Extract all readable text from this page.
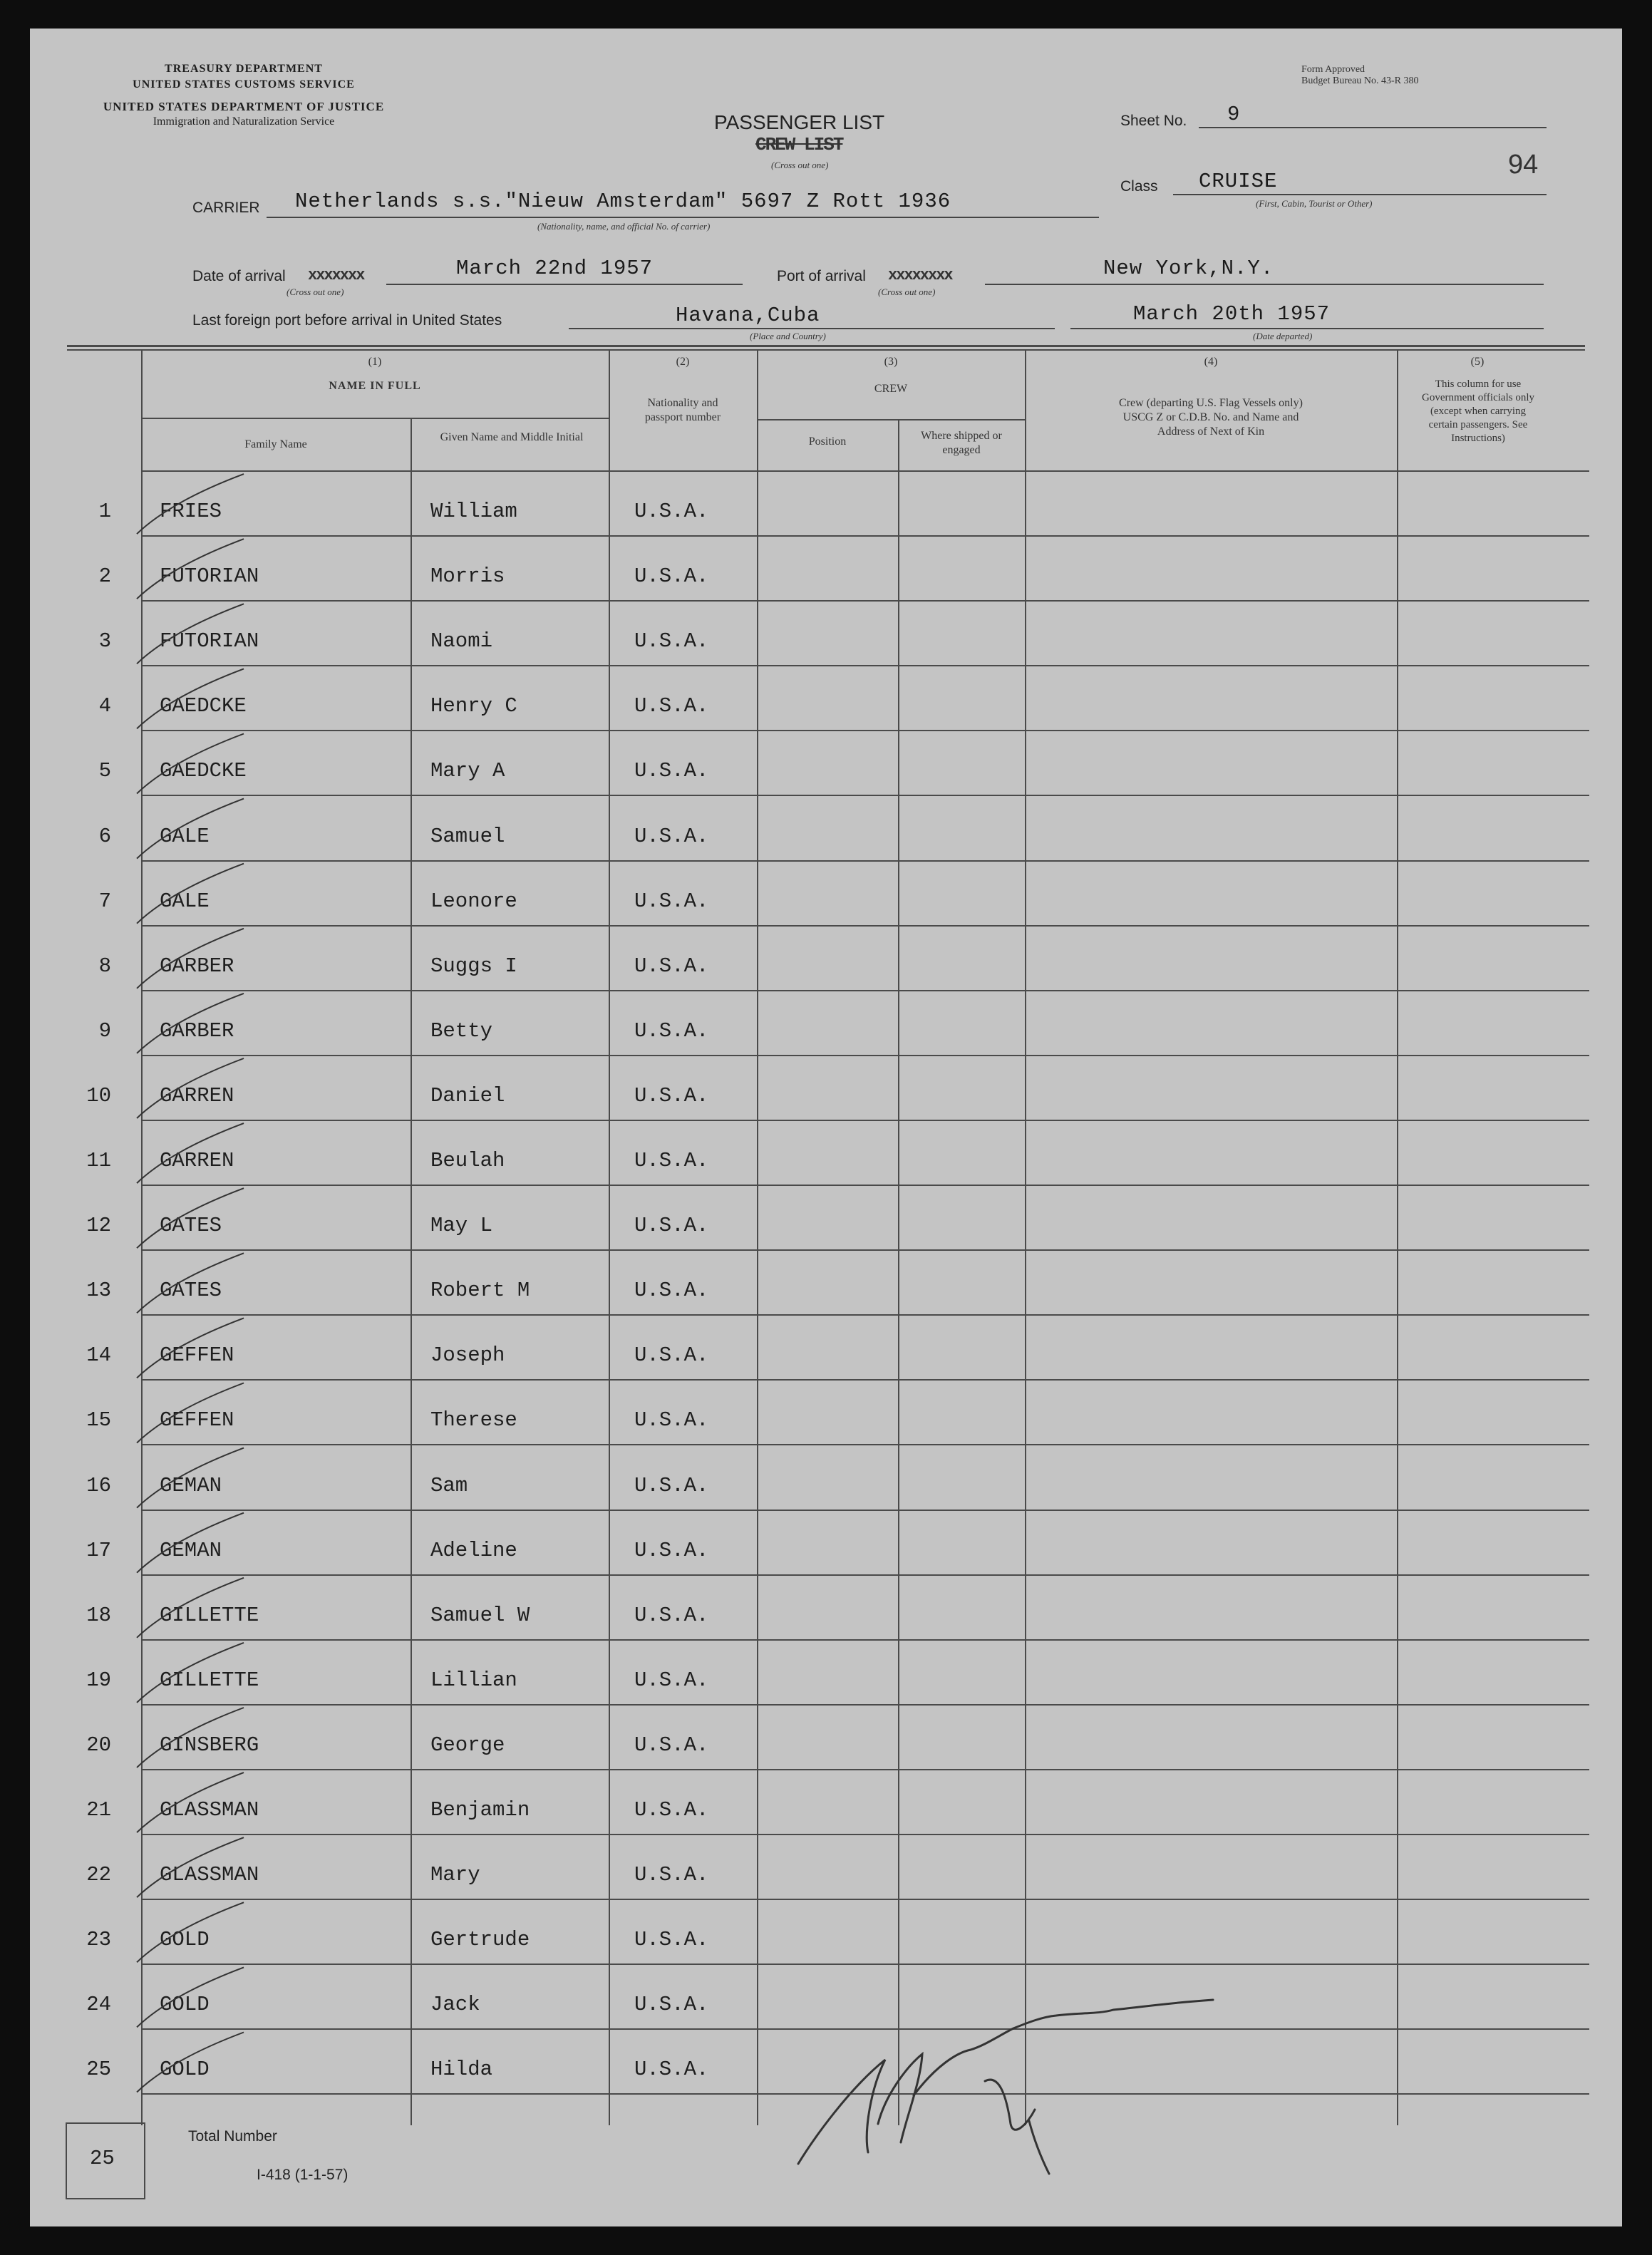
TREASURY DEPARTMENT
UNITED STATES CUSTOMS SERVICE
UNITED STATES DEPARTMENT OF JUSTICE
Immigration and Naturalization Service
Form Approved
Budget Bureau No. 43-R 380
PASSENGER LIST
CREW LIST
(Cross out one)
Sheet No. 9
94
Class CRUISE
(First, Cabin, Tourist or Other)
CARRIER Netherlands s.s."Nieuw Amsterdam" 5697 Z Rott 1936
(Nationality, name, and official No. of carrier)
Date of arrival xxxxxxx
(Cross out one)
March 22nd 1957	Port of arrival xxxxxxxx
(Cross out one)
New York,N.Y.
Last foreign port before arrival in United States	Havana,Cuba
(Place and Country)
March 20th 1957
(Date departed)
(1)
NAME IN FULL
Family Name
Given Name and Middle Initial
(2)
Nationality and passport number
(3)
CREW
Position	Where shipped or engaged
(4)
Crew (departing U.S. Flag Vessels only) USCG Z or C.D.B. No. and Name and Address of Next of Kin
(5)
This column for use Government officials only (except when carrying certain passengers. See Instructions)
1 FRIES	William	U.S.A.
2 FUTORIAN	Morris	U.S.A.
3 FUTORIAN	Naomi	U.S.A.
4 GAEDCKE	Henry C	U.S.A.
5 GAEDCKE	Mary A	U.S.A.
6 GALE	Samuel	U.S.A.
7 GALE	Leonore	U.S.A.
8 GARBER	Suggs I	U.S.A.
9 GARBER	Betty	U.S.A.
10 GARREN	Daniel	U.S.A.
11 GARREN	Beulah	U.S.A.
12 GATES	May L	U.S.A.
13 GATES	Robert M	U.S.A.
14 GEFFEN	Joseph	U.S.A.
15 GEFFEN	Therese	U.S.A.
16 GEMAN	Sam	U.S.A.
17 GEMAN	Adeline	U.S.A.
18 GILLETTE	Samuel W	U.S.A.
19 GILLETTE	Lillian	U.S.A.
20 GINSBERG	George	U.S.A.
21 GLASSMAN	Benjamin	U.S.A.
22 GLASSMAN	Mary	U.S.A.
23 GOLD	Gertrude	U.S.A.
24 GOLD	Jack	U.S.A.
25 GOLD	Hilda	U.S.A.
25
Total Number
I-418 (1-1-57)
